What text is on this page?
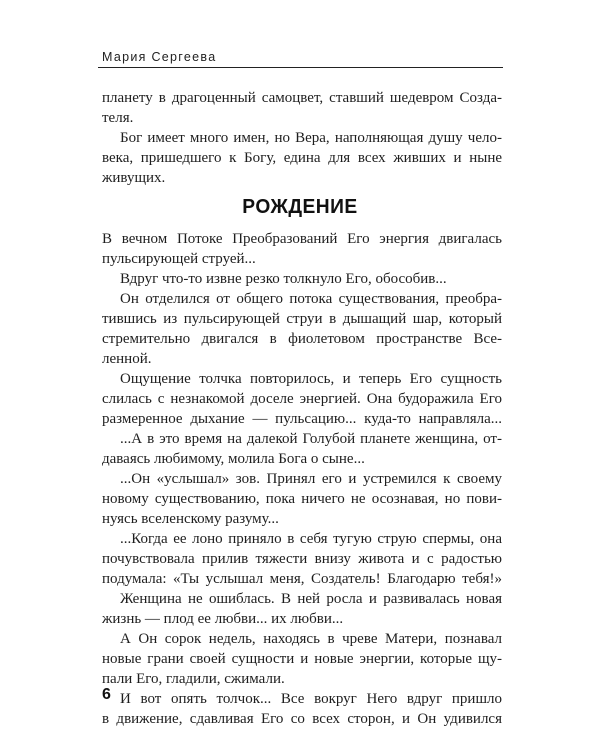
Мария Сергеева
планету в драгоценный самоцвет, ставший шедевром Созда-
теля.
Бог имеет много имен, но Вера, наполняющая душу чело-
века, пришедшего к Богу, едина для всех живших и ныне
живущих.
РОЖДЕНИЕ
В вечном Потоке Преобразований Его энергия двигалась
пульсирующей струей...
Вдруг что-то извне резко толкнуло Его, обособив...
Он отделился от общего потока существования, преобра-
тившись из пульсирующей струи в дышащий шар, который
стремительно двигался в фиолетовом пространстве Все-
ленной.
Ощущение толчка повторилось, и теперь Его сущность
слилась с незнакомой доселе энергией. Она будоражила Его
размеренное дыхание — пульсацию... куда-то направляла...
...А в это время на далекой Голубой планете женщина, от-
даваясь любимому, молила Бога о сыне...
...Он «услышал» зов. Принял его и устремился к своему
новому существованию, пока ничего не осознавая, но пови-
нуясь вселенскому разуму...
...Когда ее лоно приняло в себя тугую струю спермы, она
почувствовала прилив тяжести внизу живота и с радостью
подумала: «Ты услышал меня, Создатель! Благодарю тебя!»
Женщина не ошиблась. В ней росла и развивалась новая
жизнь — плод ее любви... их любви...
А Он сорок недель, находясь в чреве Матери, познавал
новые грани своей сущности и новые энергии, которые щу-
пали Его, гладили, сжимали.
И вот опять толчок... Все вокруг Него вдруг пришло
в движение, сдавливая Его со всех сторон, и Он удивился
6
